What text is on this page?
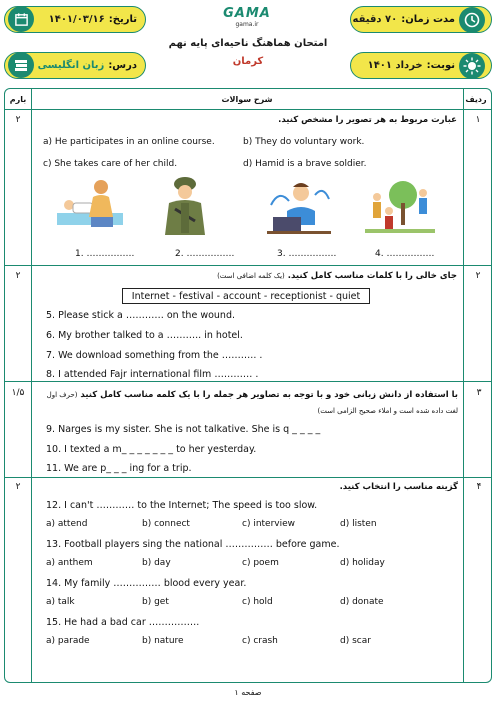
مدت زمان:
۷۰ دقیقه
تاریخ:
۱۴۰۱/۰۳/۱۶
نوبت:
خرداد ۱۴۰۱
درس:
زبان انگلیسی
GAMA
gama.ir
امتحان هماهنگ ناحیه‌ای پایه نهم
کرمان
ردیف
شرح سوالات
بارم
۱
۲	عبارت مربوط به هر تصویر را مشخص کنید.
a) He participates in an online course.	b) They do voluntary work.
c) She takes care of her child.	d) Hamid is a brave soldier.
1. …………….	2. …………….	3. …………….	4. …………….
۲
۲	جای خالی را با کلمات مناسب کامل کنید. (یک کلمه اضافی است)
Internet - festival - account - receptionist - quiet
5. Please stick a ………… on the wound.
6. My brother talked to a ……….. in hotel.
7. We download something from the ……….. .
8. I attended Fajr international film ………… .
۳
۱/۵	با استفاده از دانش زبانی خود و با توجه به تصاویر هر جمله را با یک کلمه مناسب کامل کنید (حرف اول لغت داده شده است و املاء صحیح الزامی است)
9. Narges is my sister. She is not talkative. She is q _ _ _ _
10. I texted a m_ _ _ _ _ _ _ to her yesterday.
11. We are p_ _ _ ing for a trip.
۴
۲	گزینه مناسب را انتخاب کنید.
12. I can't ………… to the Internet; The speed is too slow.
a) attend	b) connect	c) interview	d) listen
13. Football players sing the national …………… before game.
a) anthem	b) day	c) poem	d) holiday
14. My family …………… blood every year.
a) talk	b) get	c) hold	d) donate
15. He had a bad car …………….
a) parade	b) nature	c) crash	d) scar
صفحه ۱
